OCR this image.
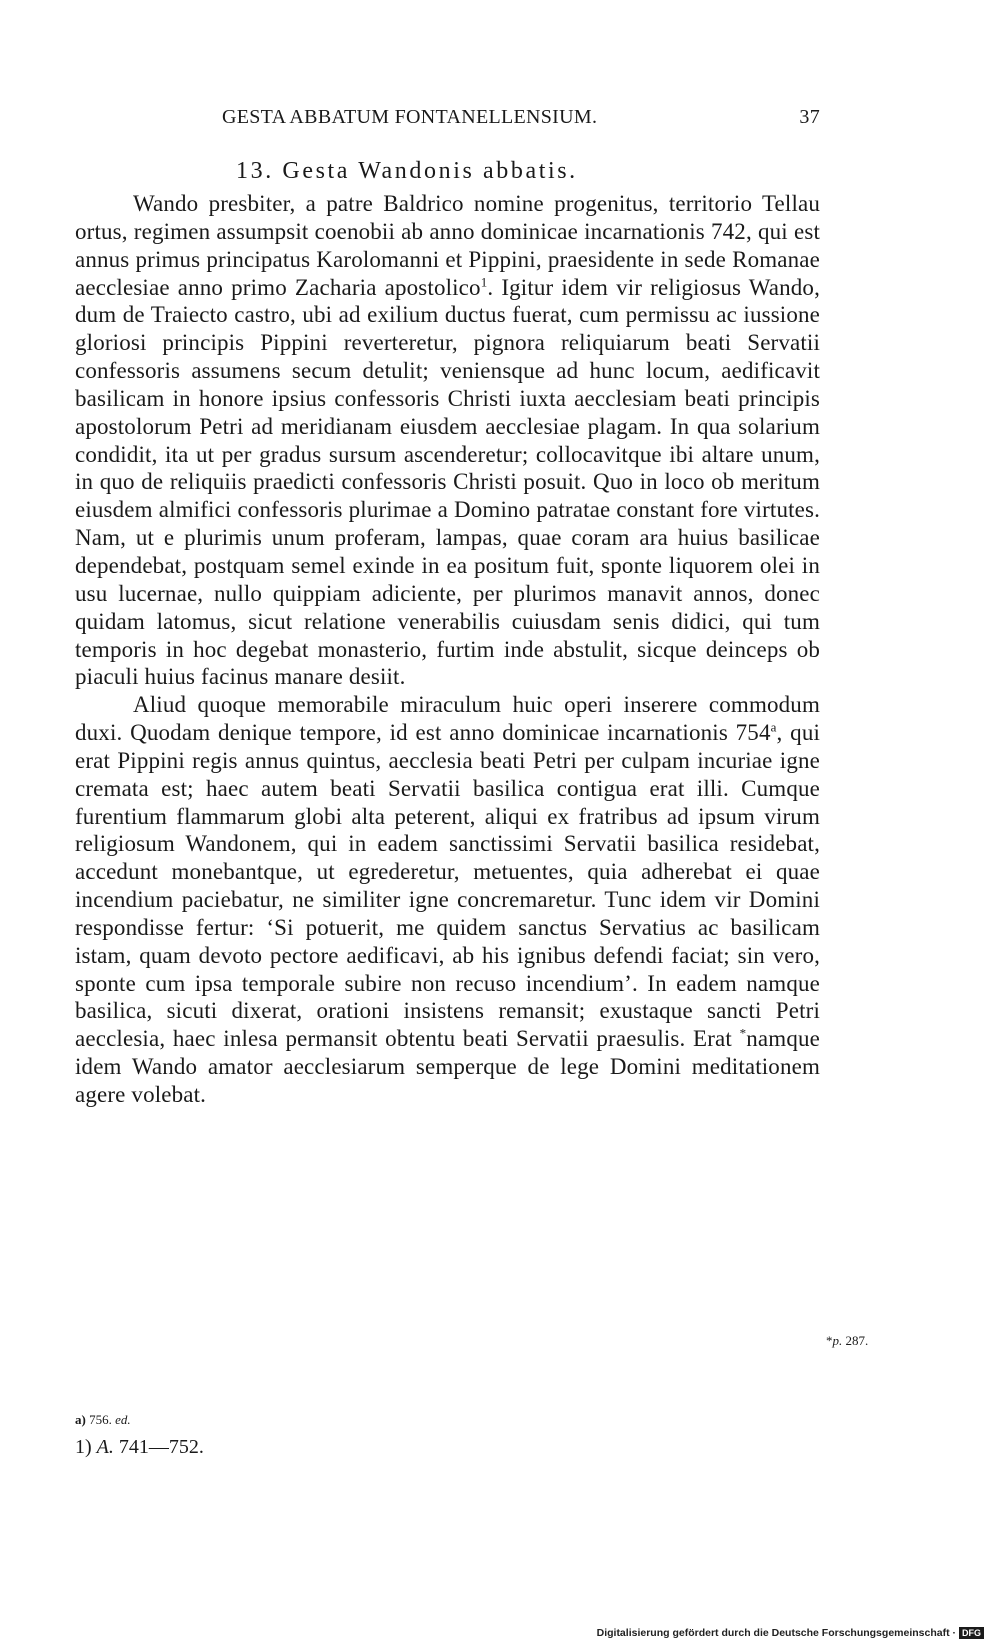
GESTA ABBATUM FONTANELLENSIUM.	37
13. Gesta Wandonis abbatis.

Wando presbiter, a patre Baldrico nomine progenitus, territorio Tellau ortus, regimen assumpsit coenobii ab anno dominicae incarnationis 742, qui est annus primus principatus Karolomanni et Pippini, praesidente in sede Romanae aecclesiae anno primo Zacharia apostolico$^1$. Igitur idem vir religiosus Wando, dum de Traiecto castro, ubi ad exilium ductus fuerat, cum permissu ac iussione gloriosi principis Pippini reverteretur, pignora reliquiarum beati Servatii confessoris assumens secum detulit; veniensque ad hunc locum, aedificavit basilicam in honore ipsius confessoris Christi iuxta aecclesiam beati principis apostolorum Petri ad meridianam eiusdem aecclesiae plagam. In qua solarium condidit, ita ut per gradus sursum ascenderetur; collocavitque ibi altare unum, in quo de reliquiis praedicti confessoris Christi posuit. Quo in loco ob meritum eiusdem almifici confessoris plurimae a Domino patratae constant fore virtutes. Nam, ut e plurimis unum proferam, lampas, quae coram ara huius basilicae dependebat, postquam semel exinde in ea positum fuit, sponte liquorem olei in usu lucernae, nullo quippiam adiciente, per plurimos manavit annos, donec quidam latomus, sicut relatione venerabilis cuiusdam senis didici, qui tum temporis in hoc degebat monasterio, furtim inde abstulit, sicque deinceps ob piaculi huius facinus manare desiit.

Aliud quoque memorabile miraculum huic operi inserere commodum duxi. Quodam denique tempore, id est anno dominicae incarnationis 754$^a$, qui erat Pippini regis annus quintus, aecclesia beati Petri per culpam incuriae igne cremata est; haec autem beati Servatii basilica contigua erat illi. Cumque furentium flammarum globi alta peterent, aliqui ex fratribus ad ipsum virum religiosum Wandonem, qui in eadem sanctissimi Servatii basilica residebat, accedunt monebantque, ut egrederetur, metuentes, quia adherebat ei quae incendium paciebatur, ne similiter igne concremaretur. Tunc idem vir Domini respondisse fertur: ‘Si potuerit, me quidem sanctus Servatius ac basilicam istam, quam devoto pectore aedificavi, ab his ignibus defendi faciat; sin vero, sponte cum ipsa temporale subire non recuso incendium’. In eadem namque basilica, sicuti dixerat, orationi insistens remansit; exustaque sancti Petri aecclesia, haec inlesa permansit obtentu beati Servatii praesulis. Erat *namque idem Wando amator aecclesiarum semperque de lege Domini meditationem agere volebat.

*p. 287.
a) 756. ed.
1) A. 741—752.
Digitalisierung gefördert durch die Deutsche Forschungsgemeinschaft · DFG
